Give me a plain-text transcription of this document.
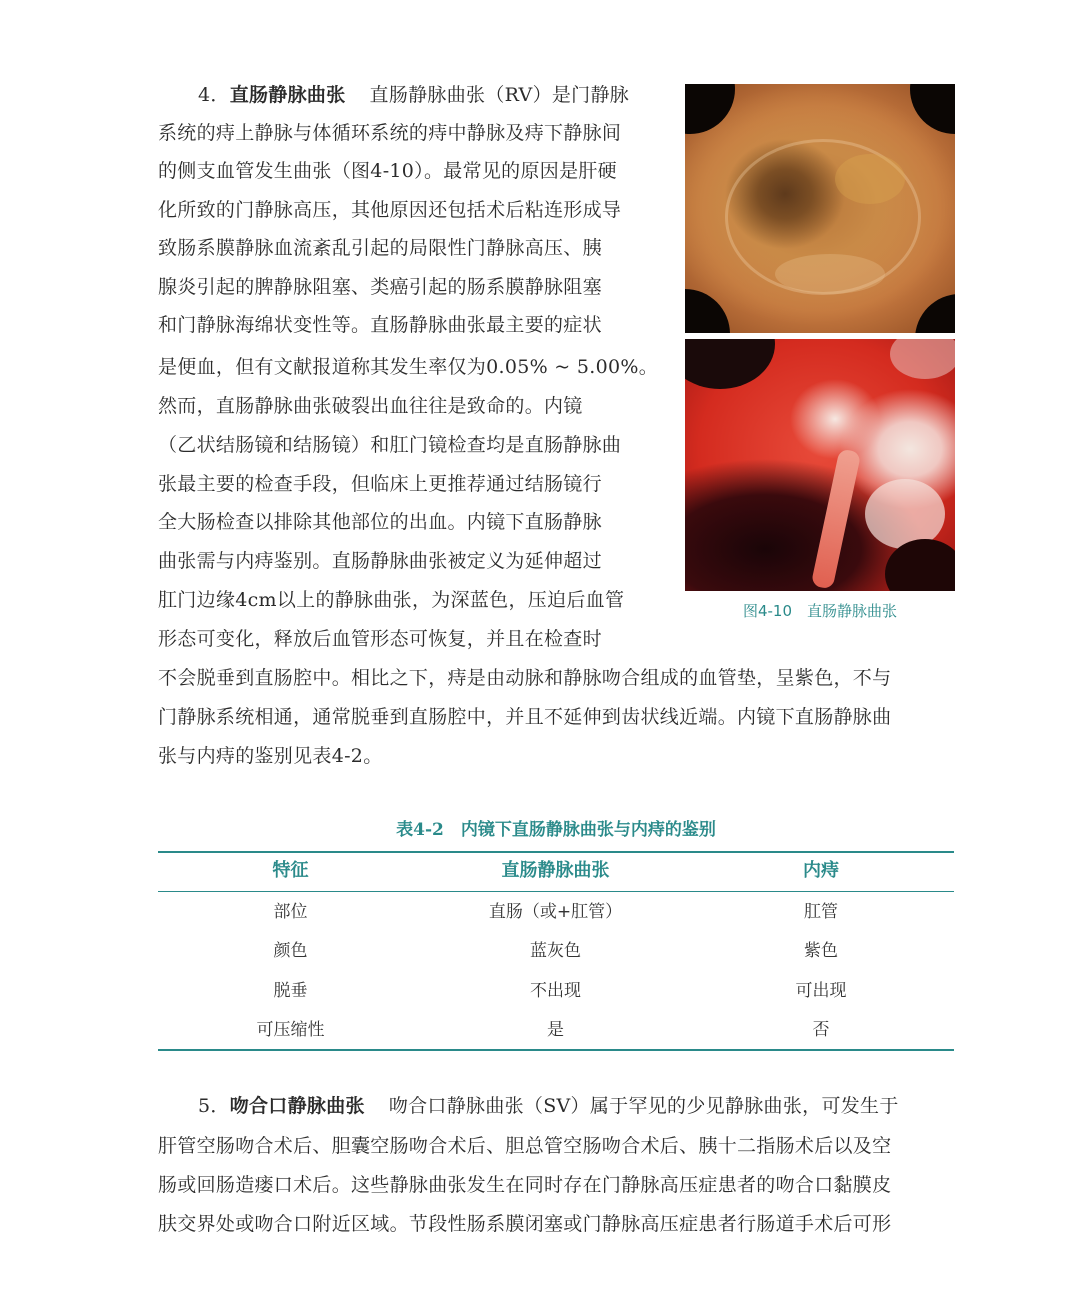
4．直肠静脉曲张 直肠静脉曲张（RV）是门静脉
系统的痔上静脉与体循环系统的痔中静脉及痔下静脉间
的侧支血管发生曲张（图4-10）。最常见的原因是肝硬
化所致的门静脉高压，其他原因还包括术后粘连形成导
致肠系膜静脉血流紊乱引起的局限性门静脉高压、胰
腺炎引起的脾静脉阻塞、类癌引起的肠系膜静脉阻塞
和门静脉海绵状变性等。直肠静脉曲张最主要的症状
是便血，但有文献报道称其发生率仅为0.05% ~ 5.00%。
然而，直肠静脉曲张破裂出血往往是致命的。内镜
（乙状结肠镜和结肠镜）和肛门镜检查均是直肠静脉曲
张最主要的检查手段，但临床上更推荐通过结肠镜行
全大肠检查以排除其他部位的出血。内镜下直肠静脉
曲张需与内痔鉴别。直肠静脉曲张被定义为延伸超过
肛门边缘4cm以上的静脉曲张，为深蓝色，压迫后血管
形态可变化，释放后血管形态可恢复，并且在检查时
不会脱垂到直肠腔中。相比之下，痔是由动脉和静脉吻合组成的血管垫，呈紫色，不与
门静脉系统相通，通常脱垂到直肠腔中，并且不延伸到齿状线近端。内镜下直肠静脉曲
张与内痔的鉴别见表4-2。
图4-10　直肠静脉曲张
表4-2　内镜下直肠静脉曲张与内痔的鉴别
特征	直肠静脉曲张	内痔
部位	直肠（或+肛管）	肛管
颜色	蓝灰色	紫色
脱垂	不出现	可出现
可压缩性	是	否
5．吻合口静脉曲张 吻合口静脉曲张（SV）属于罕见的少见静脉曲张，可发生于
肝管空肠吻合术后、胆囊空肠吻合术后、胆总管空肠吻合术后、胰十二指肠术后以及空
肠或回肠造瘘口术后。这些静脉曲张发生在同时存在门静脉高压症患者的吻合口黏膜皮
肤交界处或吻合口附近区域。节段性肠系膜闭塞或门静脉高压症患者行肠道手术后可形
